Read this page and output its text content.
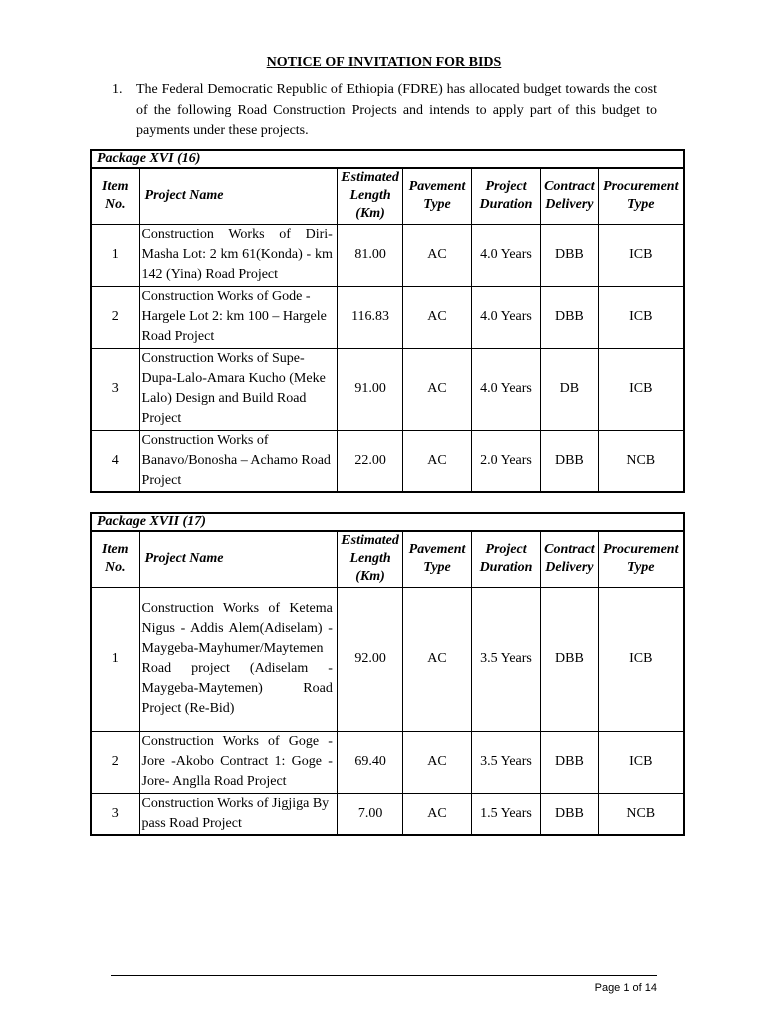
NOTICE OF INVITATION FOR BIDS
1. The Federal Democratic Republic of Ethiopia (FDRE) has allocated budget towards the cost of the following Road Construction Projects and intends to apply part of this budget to payments under these projects.
Package XVI (16)						
Item No.	Project Name	Estimated Length (Km)	Pavement Type	Project Duration	Contract Delivery	Procurement Type
1	Construction Works of Diri-Masha Lot: 2 km 61(Konda) - km 142 (Yina) Road Project	81.00	AC	4.0 Years	DBB	ICB
2	Construction Works of Gode - Hargele Lot 2: km 100 – Hargele Road Project	116.83	AC	4.0 Years	DBB	ICB
3	Construction Works of Supe-Dupa-Lalo-Amara Kucho (Meke Lalo) Design and Build Road Project	91.00	AC	4.0 Years	DB	ICB
4	Construction Works of Banavo/Bonosha – Achamo Road Project	22.00	AC	2.0 Years	DBB	NCB
Package XVII (17)						
Item No.	Project Name	Estimated Length (Km)	Pavement Type	Project Duration	Contract Delivery	Procurement Type
1	Construction Works of Ketema Nigus - Addis Alem(Adiselam) - Maygeba-Mayhumer/Maytemen Road project (Adiselam - Maygeba-Maytemen) Road Project (Re-Bid)	92.00	AC	3.5 Years	DBB	ICB
2	Construction Works of Goge - Jore -Akobo Contract 1: Goge - Jore- Anglla Road Project	69.40	AC	3.5 Years	DBB	ICB
3	Construction Works of Jigjiga By pass Road Project	7.00	AC	1.5 Years	DBB	NCB
Page 1 of 14
